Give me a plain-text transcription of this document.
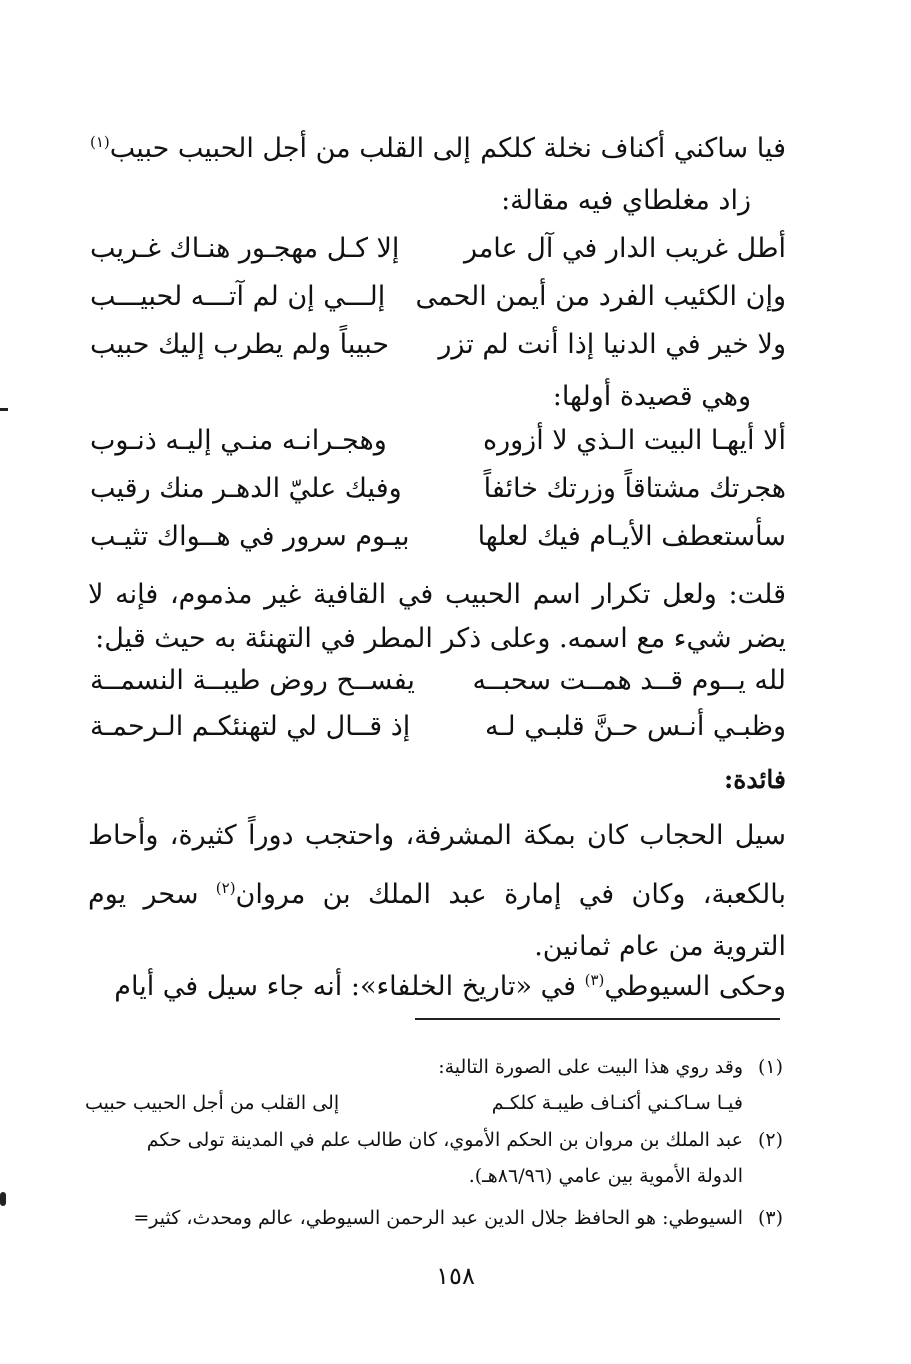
فيا ساكني أكناف نخلة كلكم
إلى القلب من أجل الحبيب حبيب$^{(١)}$
زاد مغلطاي فيه مقالة:
أطل غريب الدار في آل عامر
إلا كـل مهجـور هنـاك غـريب
وإن الكئيب الفرد من أيمن الحمى
إلـــي إن لم آتـــه لحبيـــب
ولا خير في الدنيا إذا أنت لم تزر
حبيباً ولم يطرب إليك حبيب
وهي قصيدة أولها:
ألا أيهـا البيت الـذي لا أزوره
وهجـرانـه منـي إليـه ذنـوب
هجرتك مشتاقاً وزرتك خائفاً
وفيك عليّ الدهـر منك رقيب
سأستعطف الأيـام فيك لعلها
بيـوم سرور في هــواك تثيـب
قلت: ولعل تكرار اسم الحبيب في القافية غير مذموم، فإنه لا يضر شيء مع اسمه. وعلى ذكر المطر في التهنئة به حيث قيل:
لله يــوم قــد همــت سحبــه
يفســح روض طيبــة النسمــة
وظبـي أنـس حـنَّ قلبـي لـه
إذ قــال لي لتهنئكـم الـرحمـة
فائدة:
سيل الحجاب كان بمكة المشرفة، واحتجب دوراً كثيرة، وأحاط بالكعبة، وكان في إمارة عبد الملك بن مروان$^{(٢)}$ سحر يوم التروية من عام ثمانين.
وحكى السيوطي$^{(٣)}$ في «تاريخ الخلفاء»: أنه جاء سيل في أيام
(١)
وقد روي هذا البيت على الصورة التالية:
فيـا سـاكـني أكنـاف طيبـة كلكـم
إلى القلب من أجل الحبيب حبيب
(٢)
عبد الملك بن مروان بن الحكم الأموي، كان طالب علم في المدينة تولى حكم
الدولة الأموية بين عامي (٨٦/٩٦هـ).
(٣)
السيوطي: هو الحافظ جلال الدين عبد الرحمن السيوطي، عالم ومحدث، كثير=
١٥٨
